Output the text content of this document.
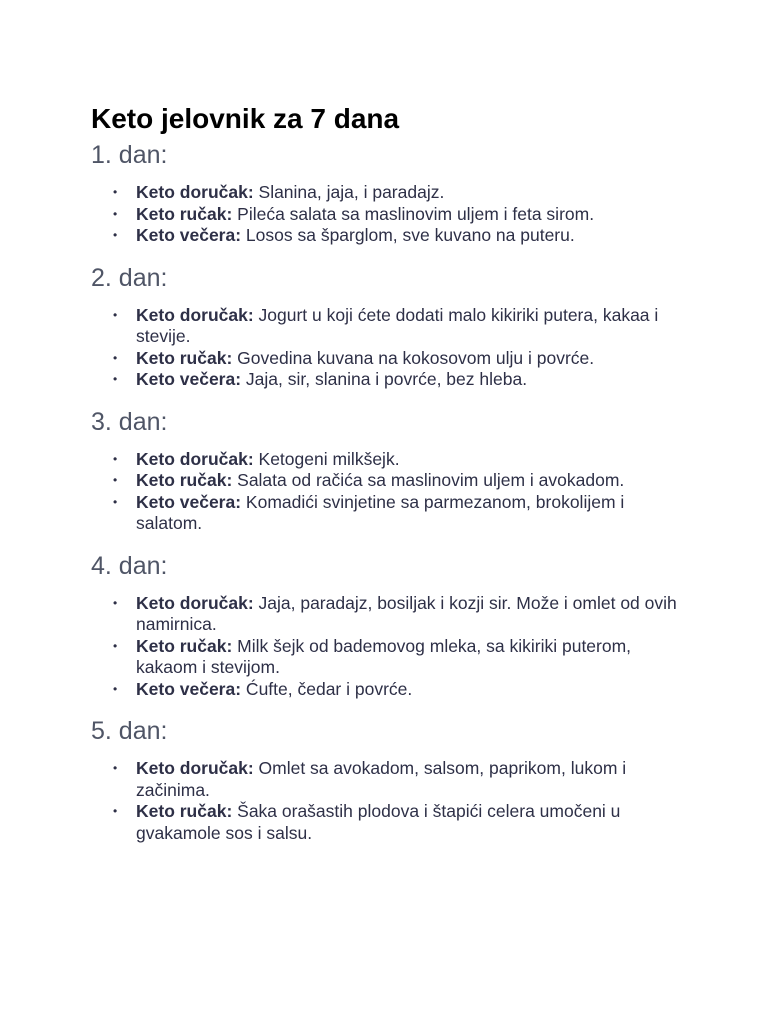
Keto jelovnik za 7 dana
1. dan:
• Keto doručak: Slanina, jaja, i paradajz.
• Keto ručak: Pileća salata sa maslinovim uljem i feta sirom.
• Keto večera: Losos sa šparglom, sve kuvano na puteru.
2. dan:
• Keto doručak: Jogurt u koji ćete dodati malo kikiriki putera, kakaa i stevije.
• Keto ručak: Govedina kuvana na kokosovom ulju i povrće.
• Keto večera: Jaja, sir, slanina i povrće, bez hleba.
3. dan:
• Keto doručak: Ketogeni milkšejk.
• Keto ručak: Salata od račića sa maslinovim uljem i avokadom.
• Keto večera: Komadići svinjetine sa parmezanom, brokolijem i salatom.
4. dan:
• Keto doručak: Jaja, paradajz, bosiljak i kozji sir. Može i omlet od ovih namirnica.
• Keto ručak: Milk šejk od bademovog mleka, sa kikiriki puterom, kakaom i stevijom.
• Keto večera: Ćufte, čedar i povrće.
5. dan:
• Keto doručak: Omlet sa avokadom, salsom, paprikom, lukom i začinima.
• Keto ručak: Šaka orašastih plodova i štapići celera umočeni u gvakamole sos i salsu.
